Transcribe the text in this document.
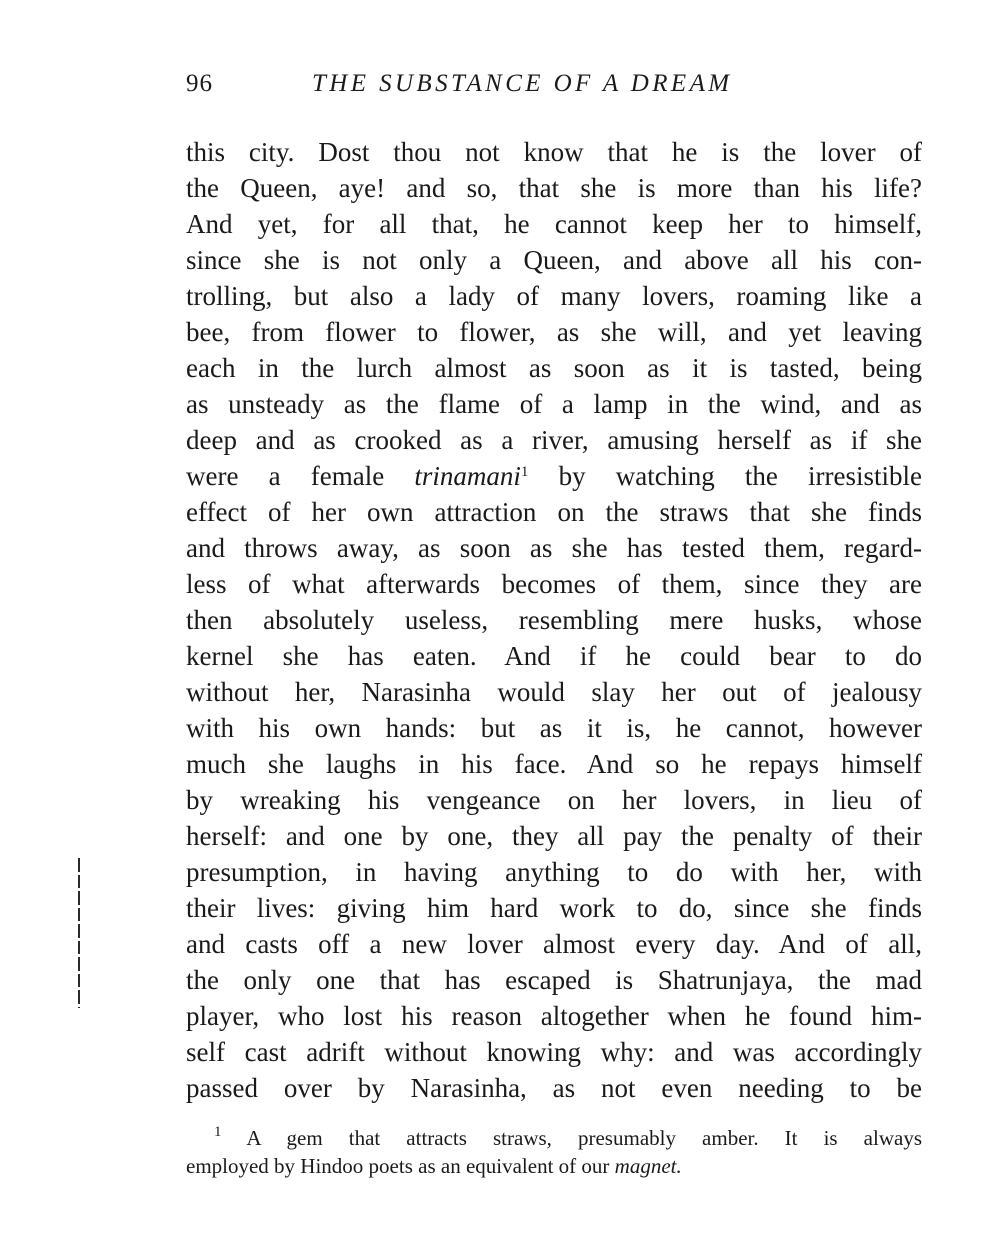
96	THE SUBSTANCE OF A DREAM
this city. Dost thou not know that he is the lover of
the Queen, aye! and so, that she is more than his life?
And yet, for all that, he cannot keep her to himself,
since she is not only a Queen, and above all his con-
trolling, but also a lady of many lovers, roaming like a
bee, from flower to flower, as she will, and yet leaving
each in the lurch almost as soon as it is tasted, being
as unsteady as the flame of a lamp in the wind, and as
deep and as crooked as a river, amusing herself as if she
were a female trinamani$^1$ by watching the irresistible
effect of her own attraction on the straws that she finds
and throws away, as soon as she has tested them, regard-
less of what afterwards becomes of them, since they are
then absolutely useless, resembling mere husks, whose
kernel she has eaten. And if he could bear to do
without her, Narasinha would slay her out of jealousy
with his own hands: but as it is, he cannot, however
much she laughs in his face. And so he repays himself
by wreaking his vengeance on her lovers, in lieu of
herself: and one by one, they all pay the penalty of their
presumption, in having anything to do with her, with
their lives: giving him hard work to do, since she finds
and casts off a new lover almost every day. And of all,
the only one that has escaped is Shatrunjaya, the mad
player, who lost his reason altogether when he found him-
self cast adrift without knowing why: and was accordingly
passed over by Narasinha, as not even needing to be
$^1$ A gem that attracts straws, presumably amber. It is always
employed by Hindoo poets as an equivalent of our magnet.
